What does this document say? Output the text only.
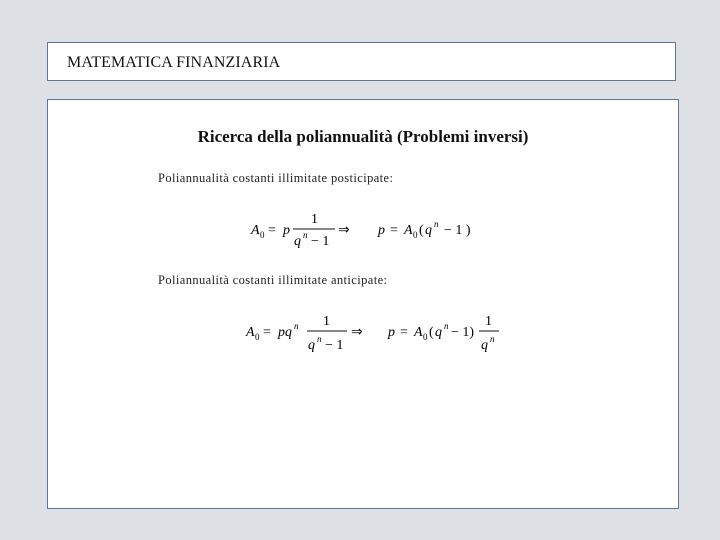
MATEMATICA FINANZIARIA
Ricerca della poliannualità (Problemi inversi)
Poliannualità costanti illimitate posticipate:
A 0 = p
1
q n − 1
⇒ p = A 0 ( q n − 1 )
Poliannualità costanti illimitate anticipate:
A 0 = pq n 1
q n − 1
⇒ p = A 0 ( q n − 1)
1
q n
